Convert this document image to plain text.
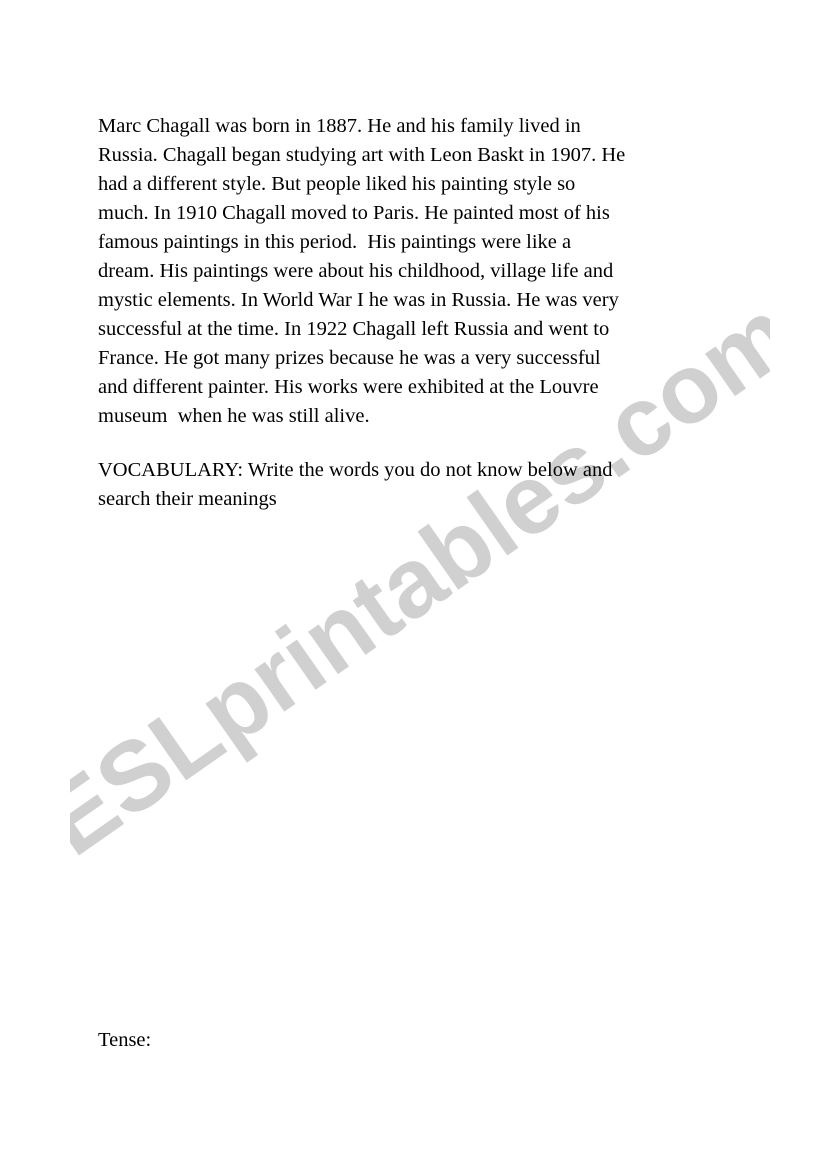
ESLprintables.com
Marc Chagall was born in 1887. He and his family lived in
Russia. Chagall began studying art with Leon Baskt in 1907. He
had a different style. But people liked his painting style so
much. In 1910 Chagall moved to Paris. He painted most of his
famous paintings in this period.  His paintings were like a
dream. His paintings were about his childhood, village life and
mystic elements. In World War I he was in Russia. He was very
successful at the time. In 1922 Chagall left Russia and went to
France. He got many prizes because he was a very successful
and different painter. His works were exhibited at the Louvre
museum  when he was still alive.
VOCABULARY: Write the words you do not know below and
search their meanings
Tense:
